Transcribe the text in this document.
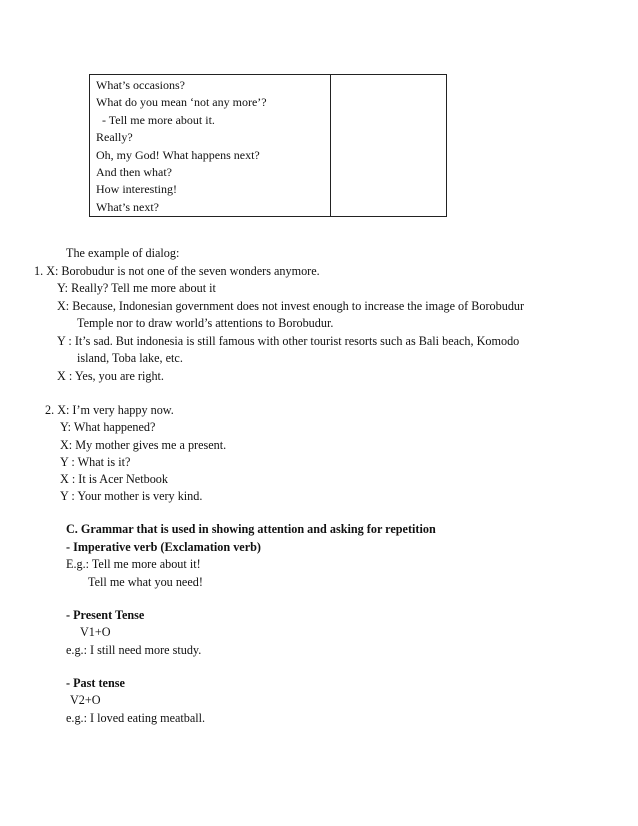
What’s occasions?
What do you mean ‘not any more’?
- Tell me more about it.
Really?
Oh, my God! What happens next?
And then what?
How interesting!
What’s next?

The example of dialog:
1. X: Borobudur is not one of the seven wonders anymore.
Y: Really? Tell me more about it
X: Because, Indonesian government does not invest enough to increase the image of Borobudur
Temple nor to draw world’s attentions to Borobudur.
Y : It’s sad. But indonesia is still famous with other tourist resorts such as Bali beach, Komodo
island, Toba lake, etc.
X : Yes, you are right.
2. X: I’m very happy now.
Y: What happened?
X: My mother gives me a present.
Y : What is it?
X : It is Acer Netbook
Y : Your mother is very kind.
C. Grammar that is used in showing attention and asking for repetition
- Imperative verb (Exclamation verb)
E.g.: Tell me more about it!
Tell me what you need!
- Present Tense
V1+O
e.g.: I still need more study.
- Past tense
V2+O
e.g.: I loved eating meatball.
